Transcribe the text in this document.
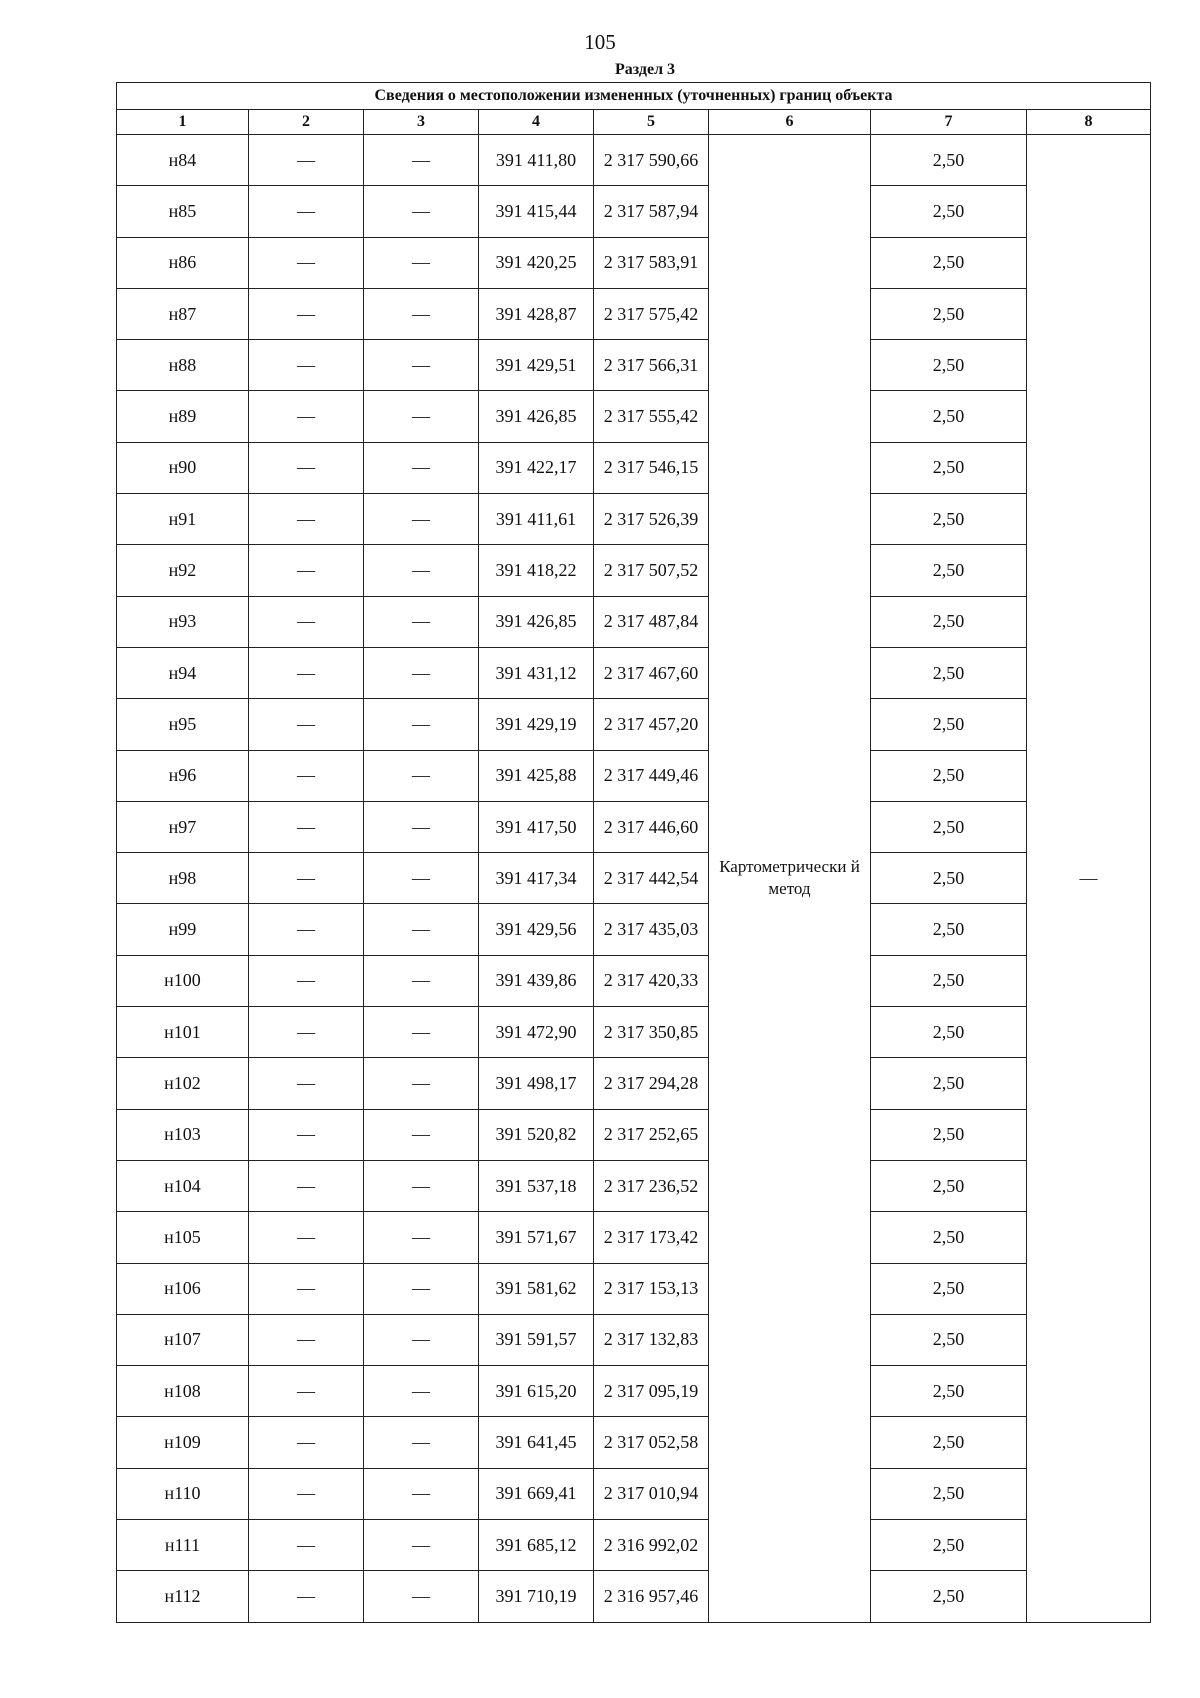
105
Раздел 3
Сведения о местоположении измененных (уточненных) границ объекта							
1	2	3	4	5	6	7	8
н84	—	—	391 411,80	2 317 590,66	Картометрически й метод	2,50	—
н85	—	—	391 415,44	2 317 587,94		2,50	
н86	—	—	391 420,25	2 317 583,91		2,50	
н87	—	—	391 428,87	2 317 575,42		2,50	
н88	—	—	391 429,51	2 317 566,31		2,50	
н89	—	—	391 426,85	2 317 555,42		2,50	
н90	—	—	391 422,17	2 317 546,15		2,50	
н91	—	—	391 411,61	2 317 526,39		2,50	
н92	—	—	391 418,22	2 317 507,52		2,50	
н93	—	—	391 426,85	2 317 487,84		2,50	
н94	—	—	391 431,12	2 317 467,60		2,50	
н95	—	—	391 429,19	2 317 457,20		2,50	
н96	—	—	391 425,88	2 317 449,46		2,50	
н97	—	—	391 417,50	2 317 446,60		2,50	
н98	—	—	391 417,34	2 317 442,54		2,50	
н99	—	—	391 429,56	2 317 435,03		2,50	
н100	—	—	391 439,86	2 317 420,33		2,50	
н101	—	—	391 472,90	2 317 350,85		2,50	
н102	—	—	391 498,17	2 317 294,28		2,50	
н103	—	—	391 520,82	2 317 252,65		2,50	
н104	—	—	391 537,18	2 317 236,52		2,50	
н105	—	—	391 571,67	2 317 173,42		2,50	
н106	—	—	391 581,62	2 317 153,13		2,50	
н107	—	—	391 591,57	2 317 132,83		2,50	
н108	—	—	391 615,20	2 317 095,19		2,50	
н109	—	—	391 641,45	2 317 052,58		2,50	
н110	—	—	391 669,41	2 317 010,94		2,50	
н111	—	—	391 685,12	2 316 992,02		2,50	
н112	—	—	391 710,19	2 316 957,46		2,50	
